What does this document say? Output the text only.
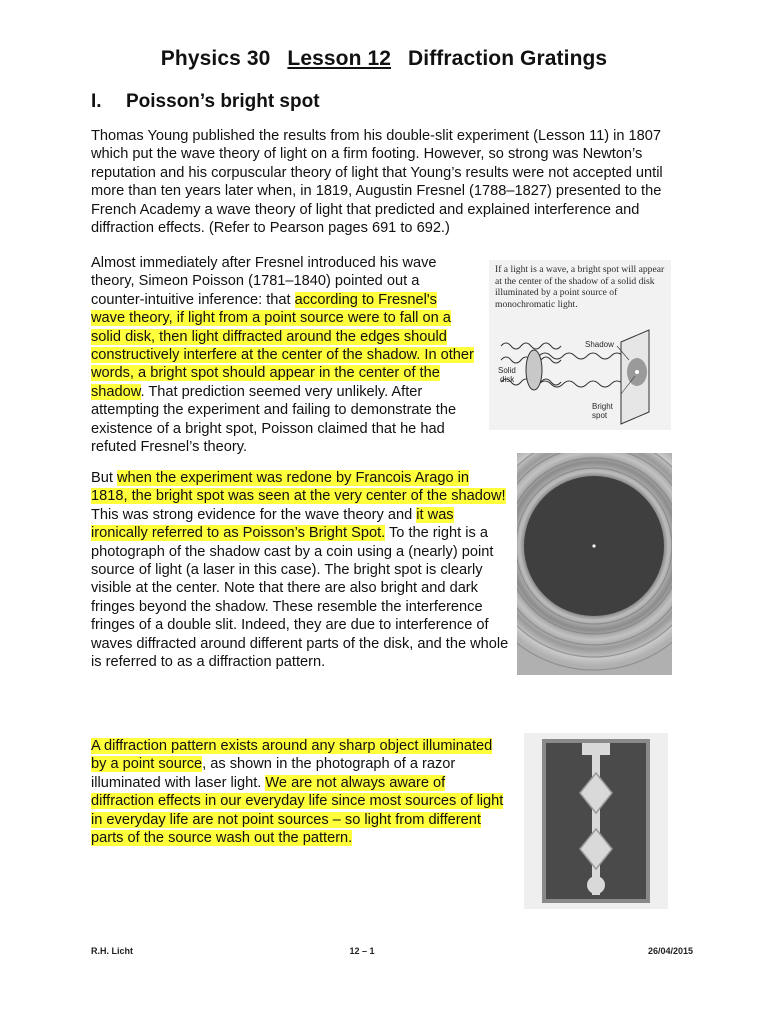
Physics 30 Lesson 12 Diffraction Gratings
I. Poisson’s bright spot

Thomas Young published the results from his double-slit experiment (Lesson 11) in 1807 which put the wave theory of light on a firm footing. However, so strong was Newton’s reputation and his corpuscular theory of light that Young’s results were not accepted until more than ten years later when, in 1819, Augustin Fresnel (1788–1827) presented to the French Academy a wave theory of light that predicted and explained interference and diffraction effects. (Refer to Pearson pages 691 to 692.)

Almost immediately after Fresnel introduced his wave theory, Simeon Poisson (1781–1840) pointed out a counter-intuitive inference: that according to Fresnel's wave theory, if light from a point source were to fall on a solid disk, then light diffracted around the edges should constructively interfere at the center of the shadow. In other words, a bright spot should appear in the center of the shadow. That prediction seemed very unlikely. After attempting the experiment and failing to demonstrate the existence of a bright spot, Poisson claimed that he had refuted Fresnel’s theory.

But when the experiment was redone by Francois Arago in 1818, the bright spot was seen at the very center of the shadow! This was strong evidence for the wave theory and it was ironically referred to as Poisson’s Bright Spot. To the right is a photograph of the shadow cast by a coin using a (nearly) point source of light (a laser in this case). The bright spot is clearly visible at the center. Note that there are also bright and dark fringes beyond the shadow. These resemble the interference fringes of a double slit. Indeed, they are due to interference of waves diffracted around different parts of the disk, and the whole is referred to as a diffraction pattern.

A diffraction pattern exists around any sharp object illuminated by a point source, as shown in the photograph of a razor illuminated with laser light. We are not always aware of diffraction effects in our everyday life since most sources of light in everyday life are not point sources – so light from different parts of the source wash out the pattern.

If a light is a wave, a bright spot will appear at the center of the shadow of a solid disk illuminated by a point source of monochromatic light.
Shadow
Solid
disk
Bright
spot

R.H. Licht	12 – 1	26/04/2015
